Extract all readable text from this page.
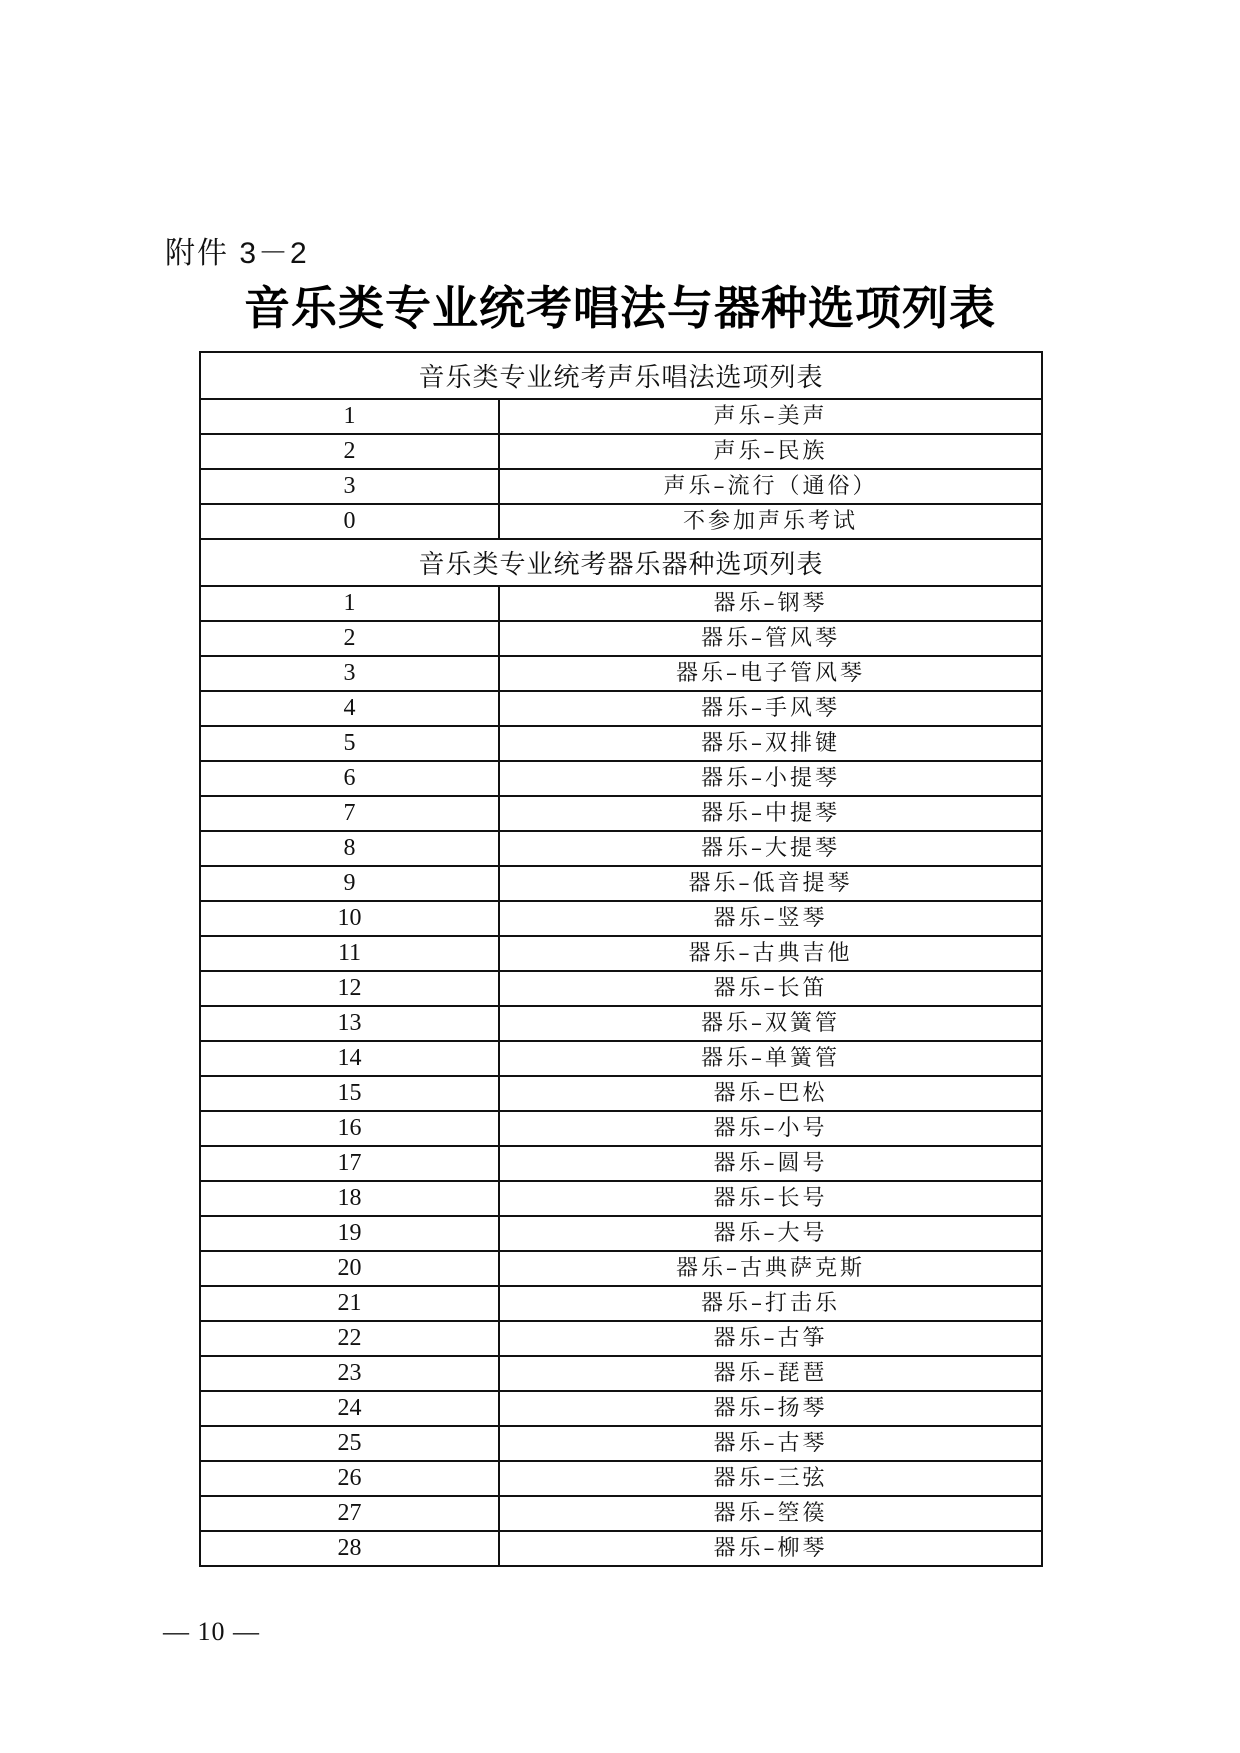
附件 3－2
音乐类专业统考唱法与器种选项列表
音乐类专业统考声乐唱法选项列表	
1	声乐–美声
2	声乐–民族
3	声乐–流行（通俗）
0	不参加声乐考试
音乐类专业统考器乐器种选项列表	
1	器乐–钢琴
2	器乐–管风琴
3	器乐–电子管风琴
4	器乐–手风琴
5	器乐–双排键
6	器乐–小提琴
7	器乐–中提琴
8	器乐–大提琴
9	器乐–低音提琴
10	器乐–竖琴
11	器乐–古典吉他
12	器乐–长笛
13	器乐–双簧管
14	器乐–单簧管
15	器乐–巴松
16	器乐–小号
17	器乐–圆号
18	器乐–长号
19	器乐–大号
20	器乐–古典萨克斯
21	器乐–打击乐
22	器乐–古筝
23	器乐–琵琶
24	器乐–扬琴
25	器乐–古琴
26	器乐–三弦
27	器乐–箜篌
28	器乐–柳琴
— 10 —
